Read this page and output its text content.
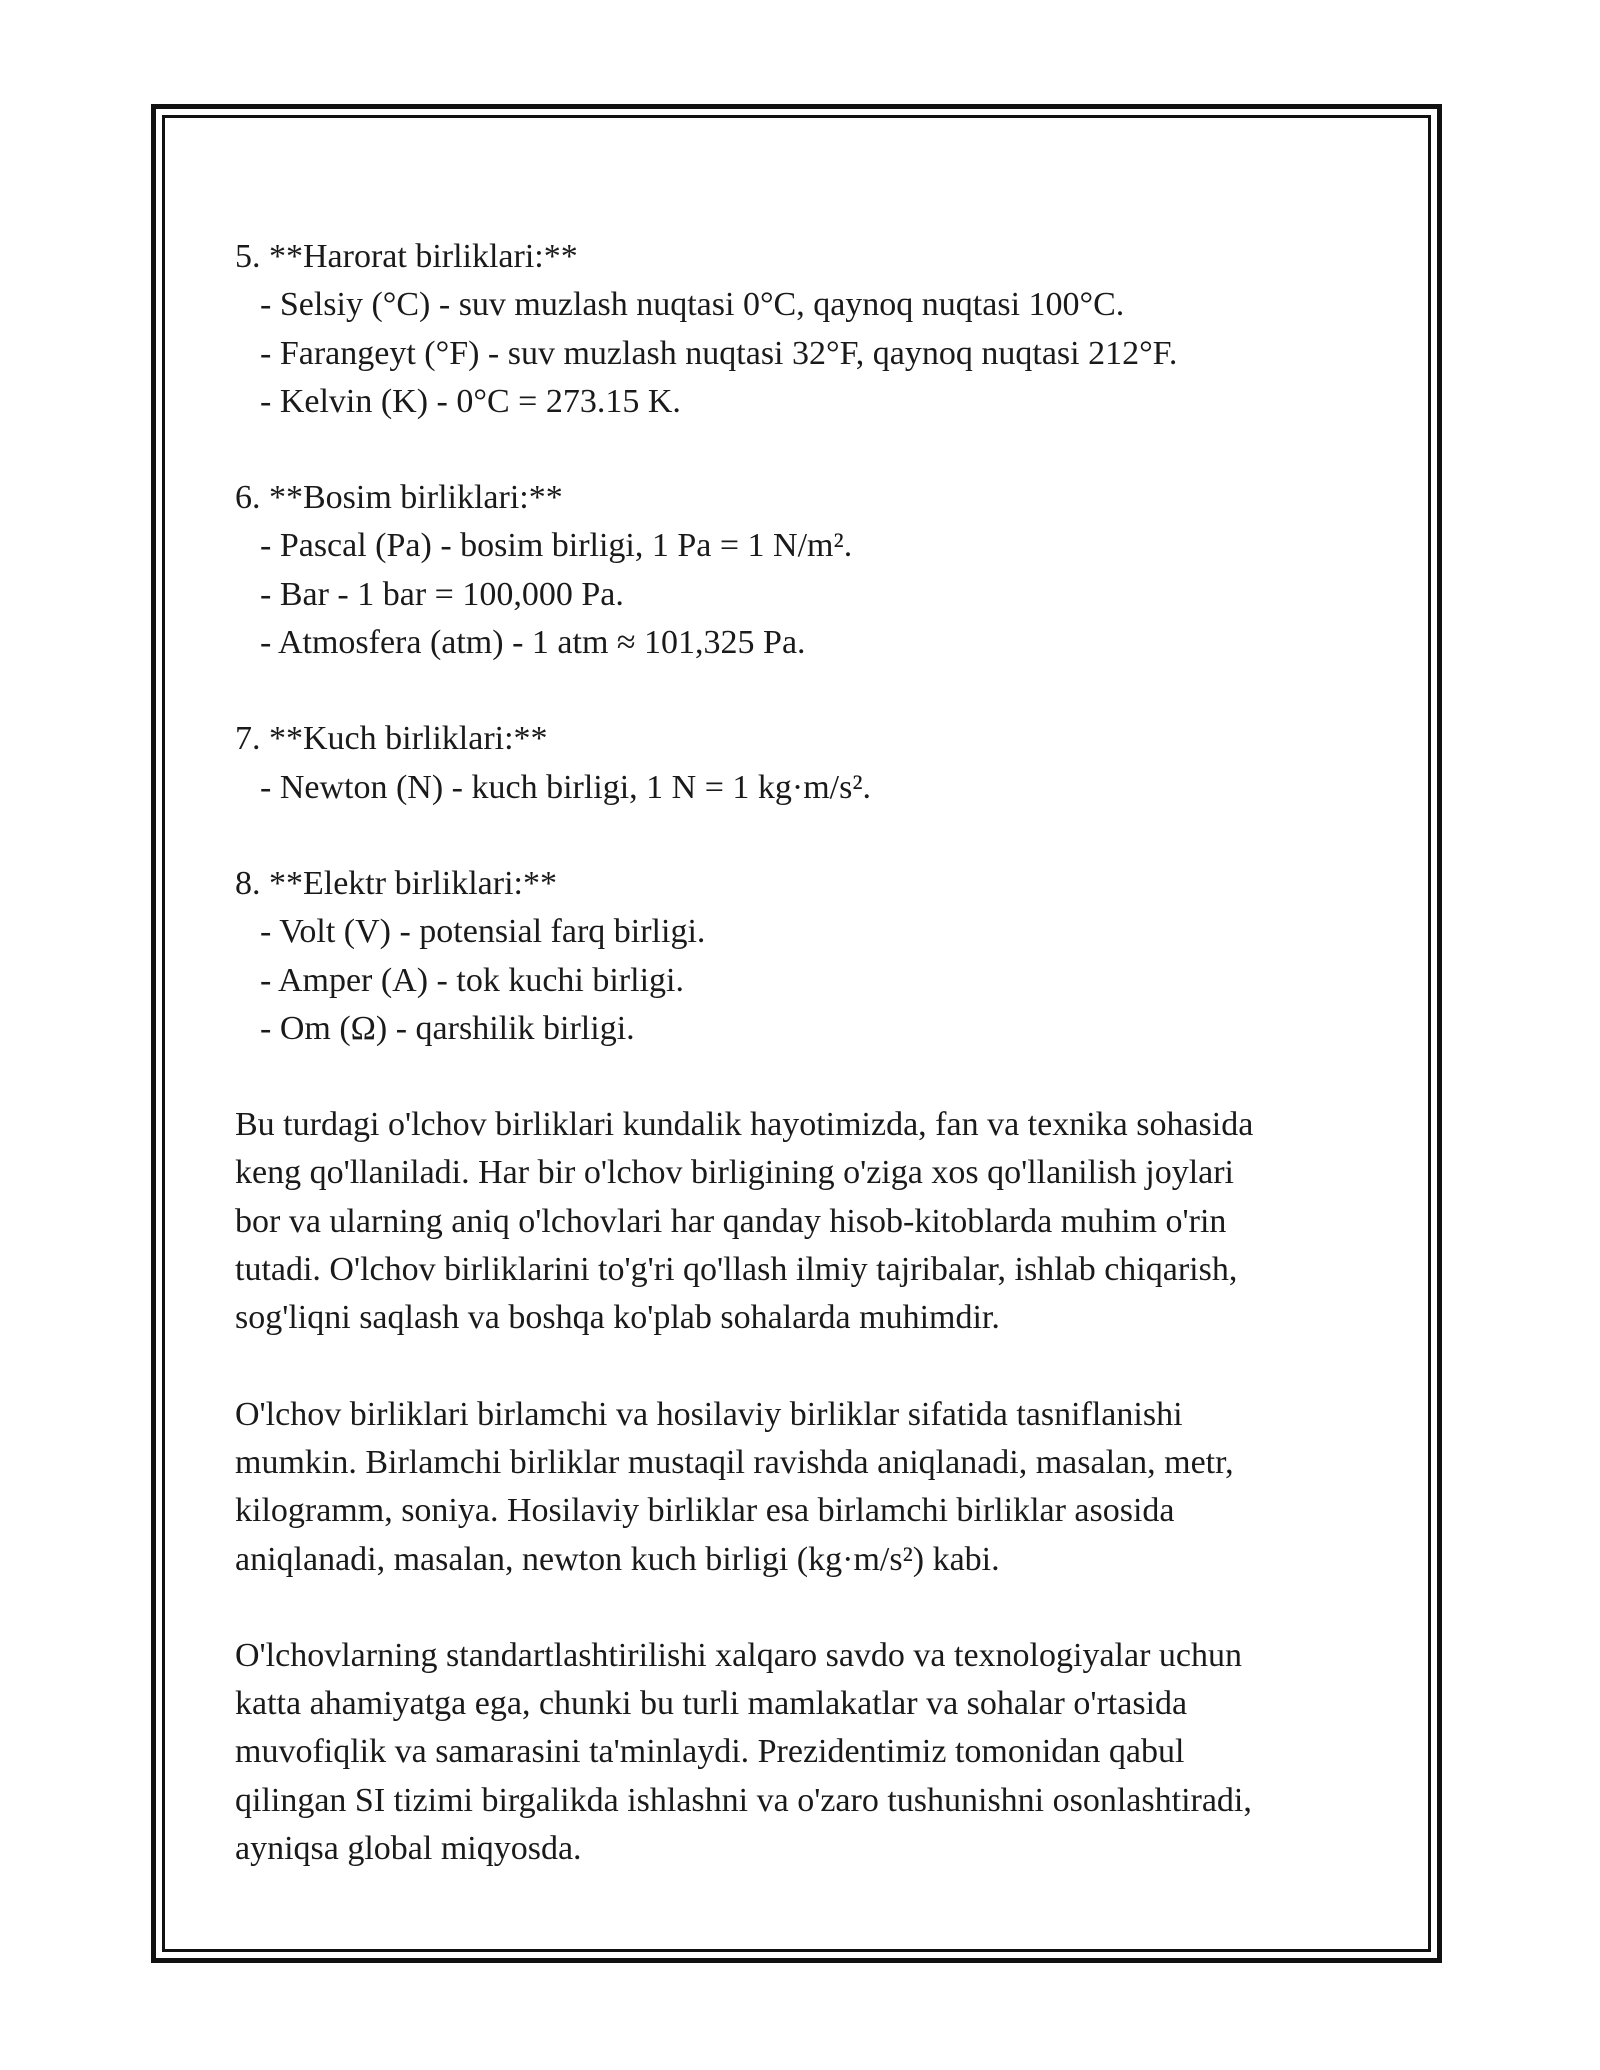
5. **Harorat birliklari:**
- Selsiy (°C) - suv muzlash nuqtasi 0°C, qaynoq nuqtasi 100°C.
- Farangeyt (°F) - suv muzlash nuqtasi 32°F, qaynoq nuqtasi 212°F.
- Kelvin (K) - 0°C = 273.15 K.
6. **Bosim birliklari:**
- Pascal (Pa) - bosim birligi, 1 Pa = 1 N/m².
- Bar - 1 bar = 100,000 Pa.
- Atmosfera (atm) - 1 atm ≈ 101,325 Pa.
7. **Kuch birliklari:**
- Newton (N) - kuch birligi, 1 N = 1 kg·m/s².
8. **Elektr birliklari:**
- Volt (V) - potensial farq birligi.
- Amper (A) - tok kuchi birligi.
- Om (Ω) - qarshilik birligi.
Bu turdagi o'lchov birliklari kundalik hayotimizda, fan va texnika sohasida
keng qo'llaniladi. Har bir o'lchov birligining o'ziga xos qo'llanilish joylari
bor va ularning aniq o'lchovlari har qanday hisob-kitoblarda muhim o'rin
tutadi. O'lchov birliklarini to'g'ri qo'llash ilmiy tajribalar, ishlab chiqarish,
sog'liqni saqlash va boshqa ko'plab sohalarda muhimdir.
O'lchov birliklari birlamchi va hosilaviy birliklar sifatida tasniflanishi
mumkin. Birlamchi birliklar mustaqil ravishda aniqlanadi, masalan, metr,
kilogramm, soniya. Hosilaviy birliklar esa birlamchi birliklar asosida
aniqlanadi, masalan, newton kuch birligi (kg·m/s²) kabi.
O'lchovlarning standartlashtirilishi xalqaro savdo va texnologiyalar uchun
katta ahamiyatga ega, chunki bu turli mamlakatlar va sohalar o'rtasida
muvofiqlik va samarasini ta'minlaydi. Prezidentimiz tomonidan qabul
qilingan SI tizimi birgalikda ishlashni va o'zaro tushunishni osonlashtiradi,
ayniqsa global miqyosda.
